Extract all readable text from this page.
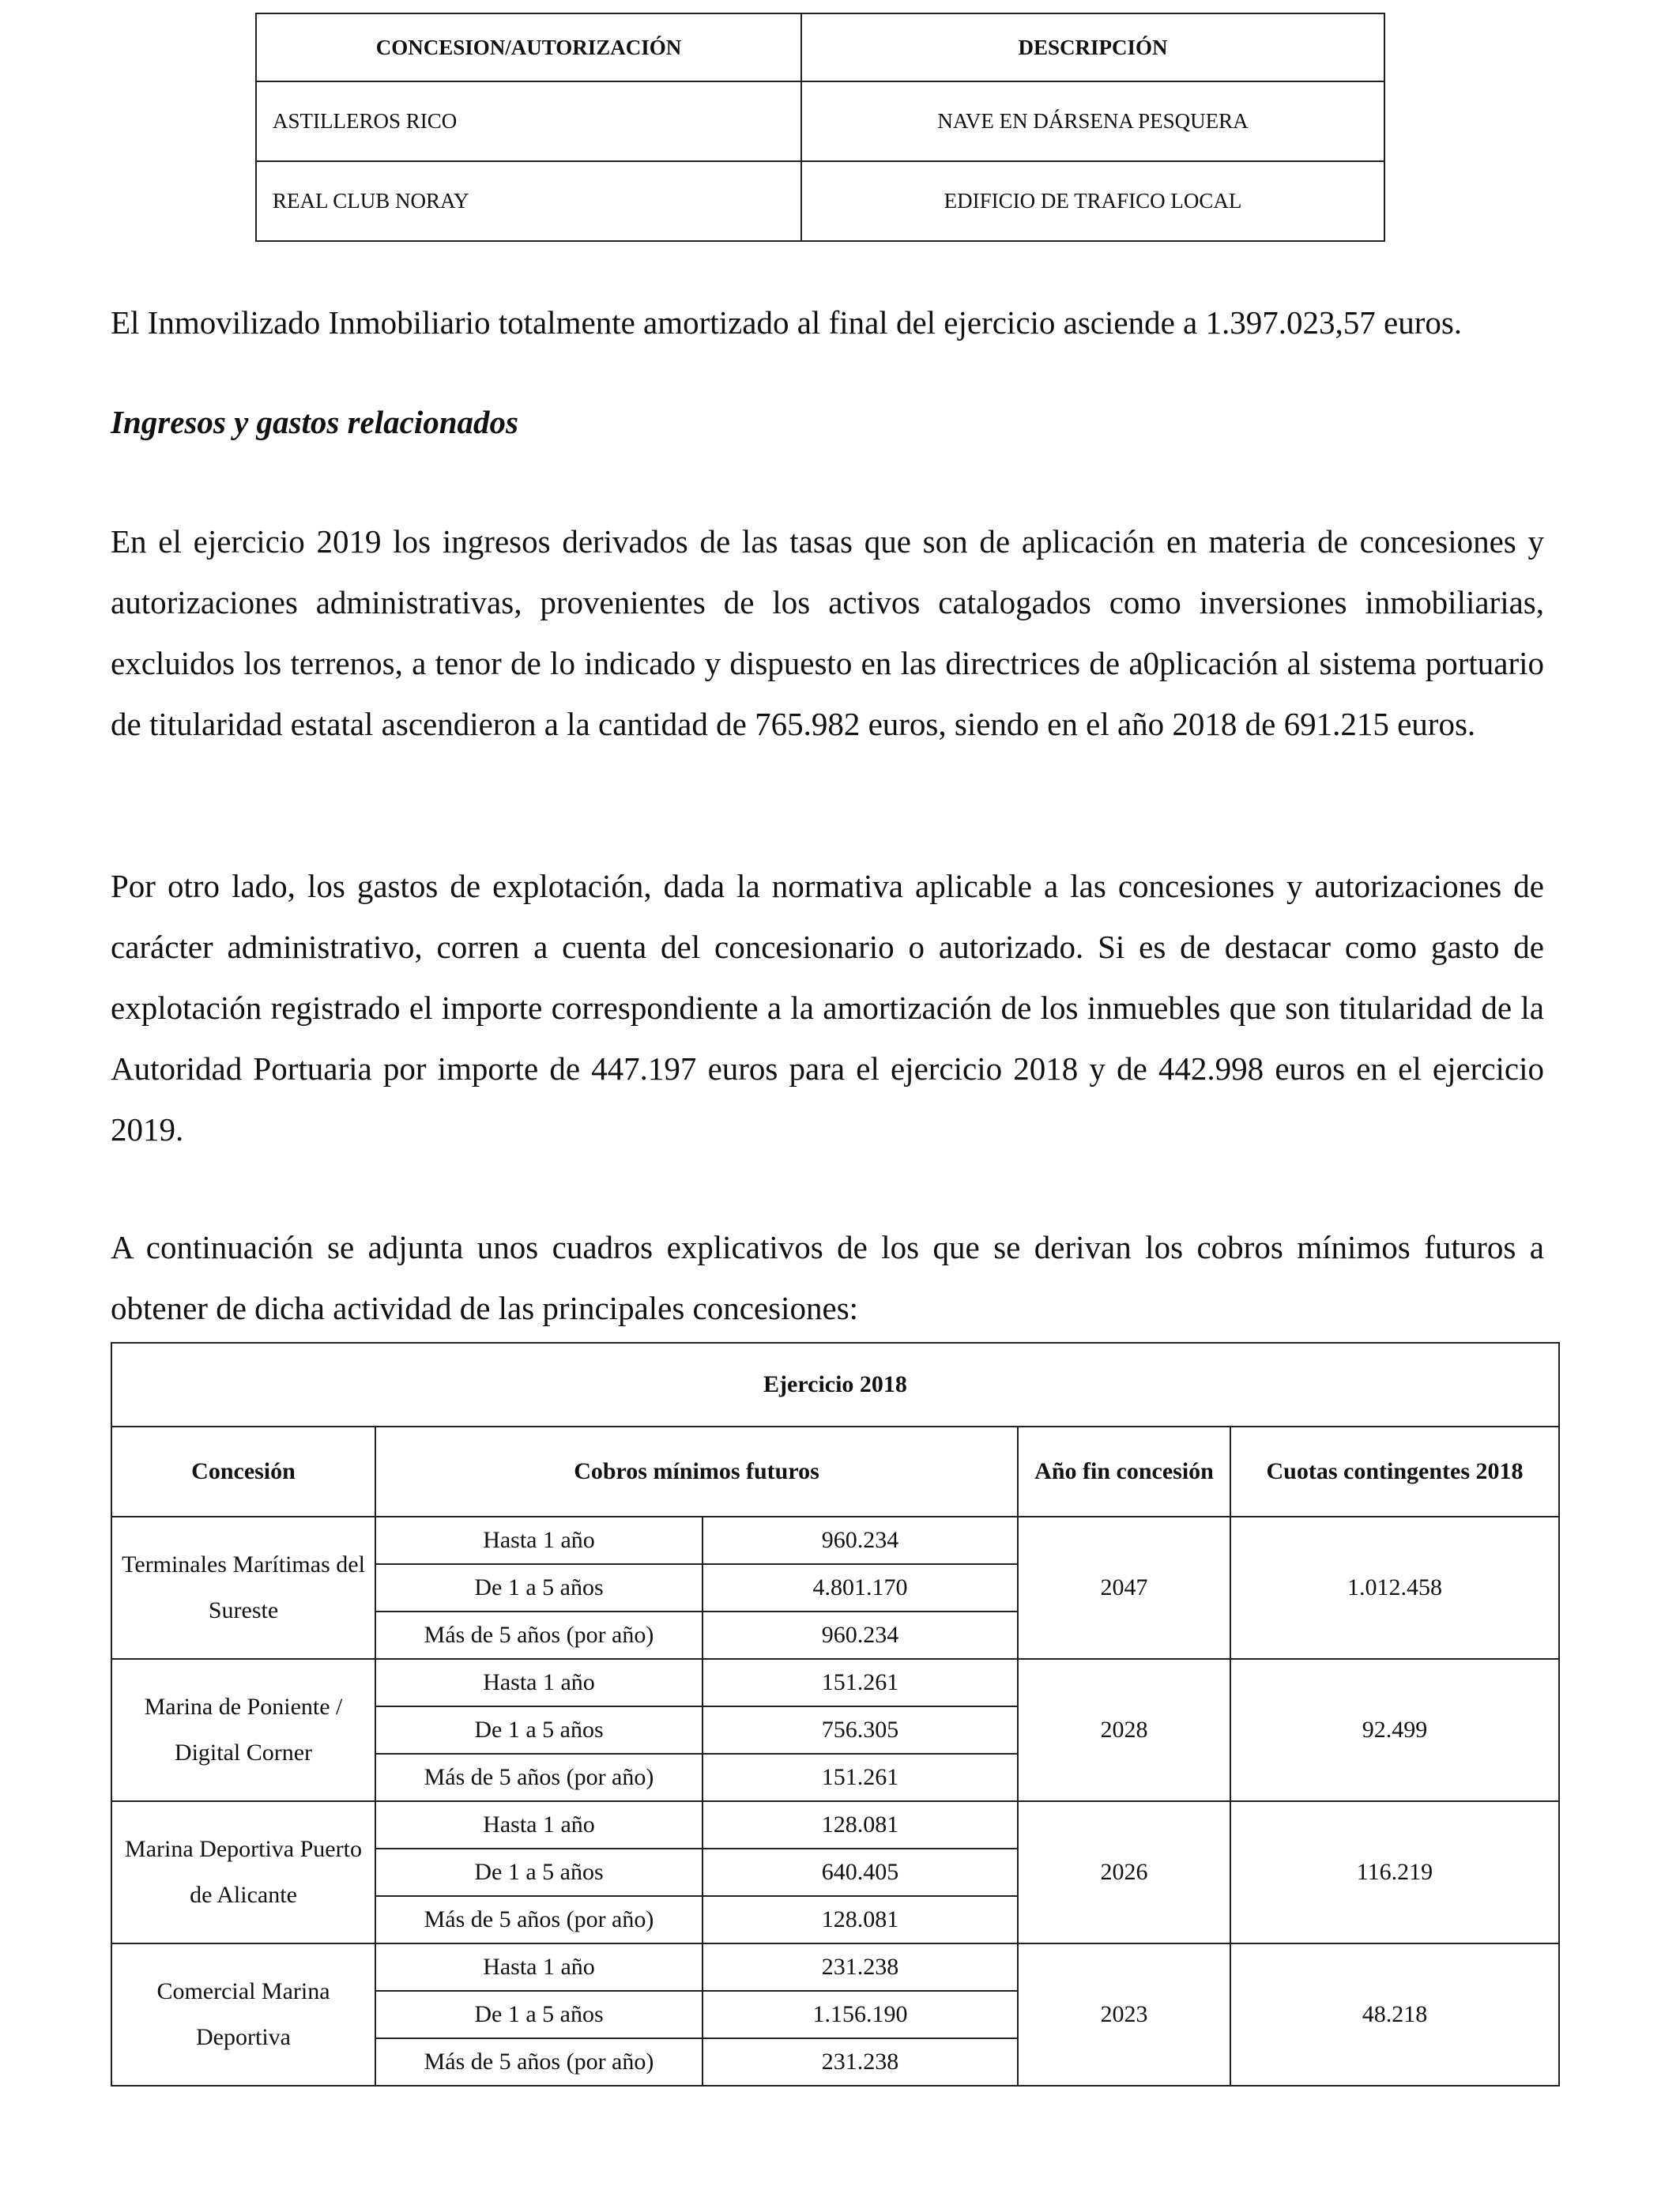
CONCESION/AUTORIZACIÓN	DESCRIPCIÓN
ASTILLEROS RICO	NAVE EN DÁRSENA PESQUERA
REAL CLUB NORAY	EDIFICIO DE TRAFICO LOCAL

El Inmovilizado Inmobiliario totalmente amortizado al final del ejercicio asciende a 1.397.023,57 euros.

Ingresos y gastos relacionados

En el ejercicio 2019 los ingresos derivados de las tasas que son de aplicación en materia de concesiones y autorizaciones administrativas, provenientes de los activos catalogados como inversiones inmobiliarias, excluidos los terrenos, a tenor de lo indicado y dispuesto en las directrices de a0plicación al sistema portuario de titularidad estatal ascendieron a la cantidad de 765.982 euros, siendo en el año 2018 de 691.215 euros.

Por otro lado, los gastos de explotación, dada la normativa aplicable a las concesiones y autorizaciones de carácter administrativo, corren a cuenta del concesionario o autorizado. Si es de destacar como gasto de explotación registrado el importe correspondiente a la amortización de los inmuebles que son titularidad de la Autoridad Portuaria por importe de 447.197 euros para el ejercicio 2018 y de 442.998 euros en el ejercicio 2019.

A continuación se adjunta unos cuadros explicativos de los que se derivan los cobros mínimos futuros a obtener de dicha actividad de las principales concesiones:

Ejercicio 2018				
Concesión	Cobros mínimos futuros		Año fin concesión	Cuotas contingentes 2018
Terminales Marítimas del Sureste	Hasta 1 año	960.234	2047	1.012.458
	De 1 a 5 años	4.801.170		
	Más de 5 años (por año)	960.234		
Marina de Poniente / Digital Corner	Hasta 1 año	151.261	2028	92.499
	De 1 a 5 años	756.305		
	Más de 5 años (por año)	151.261		
Marina Deportiva Puerto de Alicante	Hasta 1 año	128.081	2026	116.219
	De 1 a 5 años	640.405		
	Más de 5 años (por año)	128.081		
Comercial Marina Deportiva	Hasta 1 año	231.238	2023	48.218
	De 1 a 5 años	1.156.190		
	Más de 5 años (por año)	231.238		
